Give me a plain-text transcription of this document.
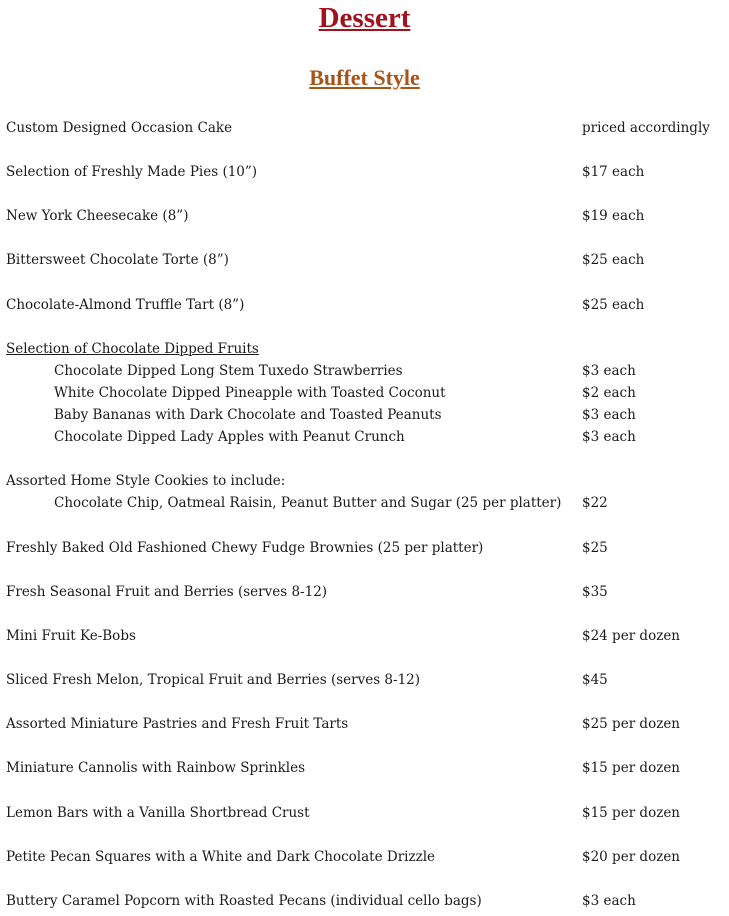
Dessert
Buffet Style
Custom Designed Occasion Cake	priced accordingly
Selection of Freshly Made Pies (10”)	$17 each
New York Cheesecake (8”)	$19 each
Bittersweet Chocolate Torte (8”)	$25 each
Chocolate-Almond Truffle Tart (8”)	$25 each
Selection of Chocolate Dipped Fruits
Chocolate Dipped Long Stem Tuxedo Strawberries	$3 each
White Chocolate Dipped Pineapple with Toasted Coconut	$2 each
Baby Bananas with Dark Chocolate and Toasted Peanuts	$3 each
Chocolate Dipped Lady Apples with Peanut Crunch	$3 each
Assorted Home Style Cookies to include:
Chocolate Chip, Oatmeal Raisin, Peanut Butter and Sugar (25 per platter) $22
Freshly Baked Old Fashioned Chewy Fudge Brownies (25 per platter)	$25
Fresh Seasonal Fruit and Berries (serves 8-12)	$35
Mini Fruit Ke-Bobs	$24 per dozen
Sliced Fresh Melon, Tropical Fruit and Berries (serves 8-12)	$45
Assorted Miniature Pastries and Fresh Fruit Tarts	$25 per dozen
Miniature Cannolis with Rainbow Sprinkles	$15 per dozen
Lemon Bars with a Vanilla Shortbread Crust	$15 per dozen
Petite Pecan Squares with a White and Dark Chocolate Drizzle	$20 per dozen
Buttery Caramel Popcorn with Roasted Pecans (individual cello bags)	$3 each
